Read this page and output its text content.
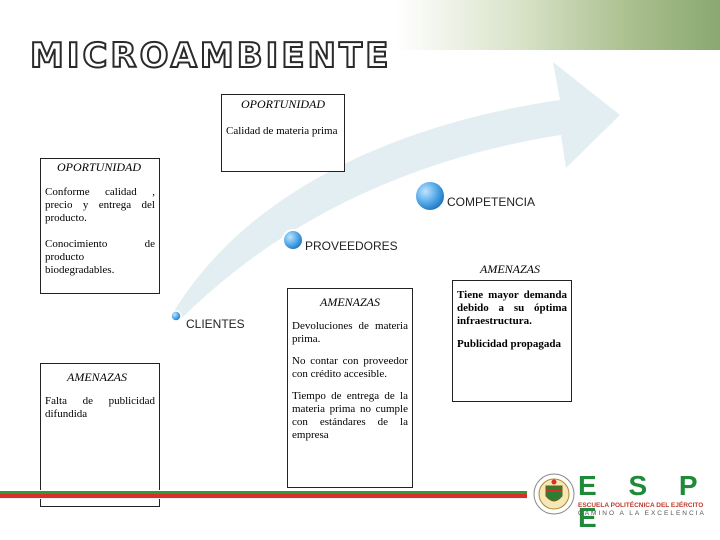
MICROAMBIENTE
COMPETENCIA
PROVEEDORES
CLIENTES
OPORTUNIDAD

Calidad de materia prima

OPORTUNIDAD

Conforme calidad , precio y entrega del producto.

Conocimiento de producto biodegradables.

AMENAZAS

Falta de publicidad difundida

AMENAZAS

Devoluciones de materia prima.

No contar con proveedor con crédito accesible.

Tiempo de entrega de la materia prima no cumple con estándares de la empresa

AMENAZAS

Tiene mayor demanda debido a su óptima infraestructura.

Publicidad propagada

E S P E
ESCUELA POLITÉCNICA DEL EJÉRCITO
CAMINO A LA EXCELENCIA
